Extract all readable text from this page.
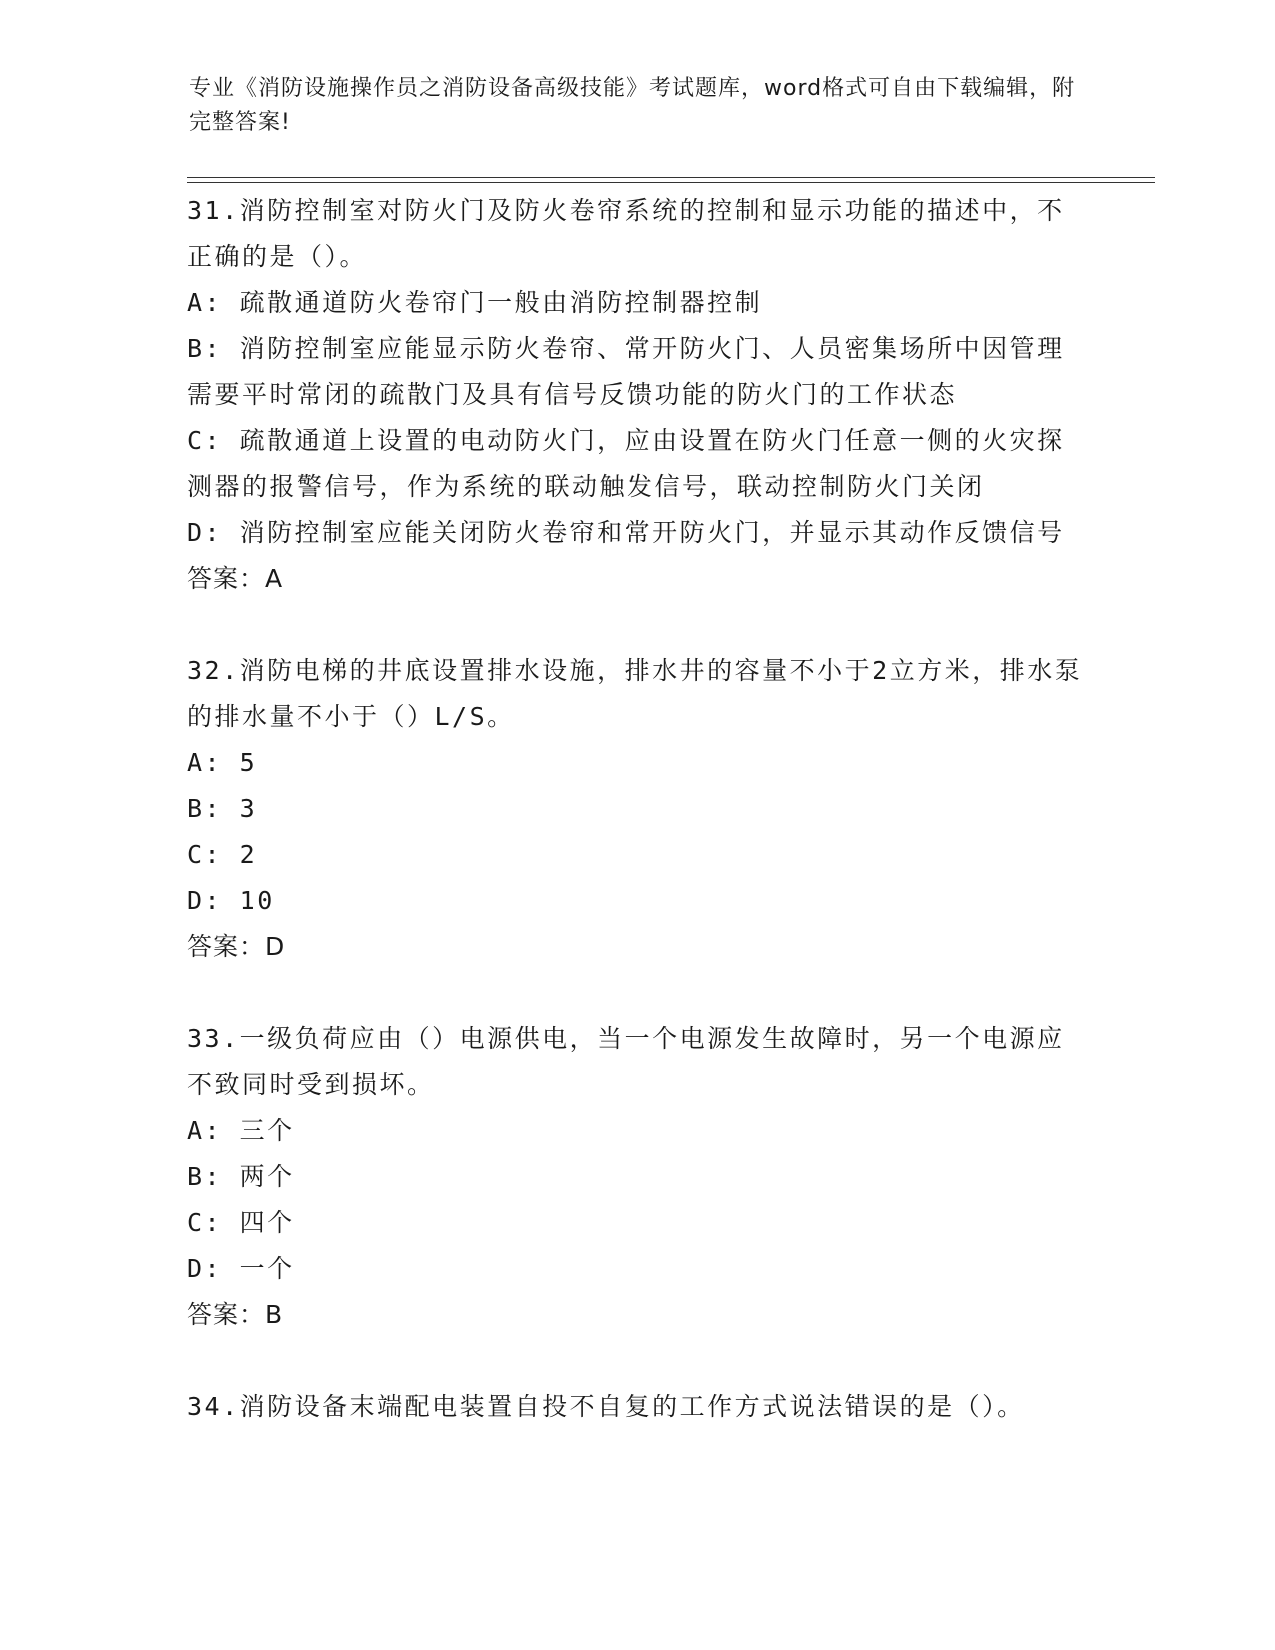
专业《消防设施操作员之消防设备高级技能》考试题库，word格式可自由下载编辑，附完整答案!
31.消防控制室对防火门及防火卷帘系统的控制和显示功能的描述中，不正确的是（）。
A: 疏散通道防火卷帘门一般由消防控制器控制
B: 消防控制室应能显示防火卷帘、常开防火门、人员密集场所中因管理需要平时常闭的疏散门及具有信号反馈功能的防火门的工作状态
C: 疏散通道上设置的电动防火门，应由设置在防火门任意一侧的火灾探测器的报警信号，作为系统的联动触发信号，联动控制防火门关闭
D: 消防控制室应能关闭防火卷帘和常开防火门，并显示其动作反馈信号
答案：A
32.消防电梯的井底设置排水设施，排水井的容量不小于2立方米，排水泵的排水量不小于（）L/S。
A: 5
B: 3
C: 2
D: 10
答案：D
33.一级负荷应由（）电源供电，当一个电源发生故障时，另一个电源应不致同时受到损坏。
A: 三个
B: 两个
C: 四个
D: 一个
答案：B
34.消防设备末端配电装置自投不自复的工作方式说法错误的是（）。
